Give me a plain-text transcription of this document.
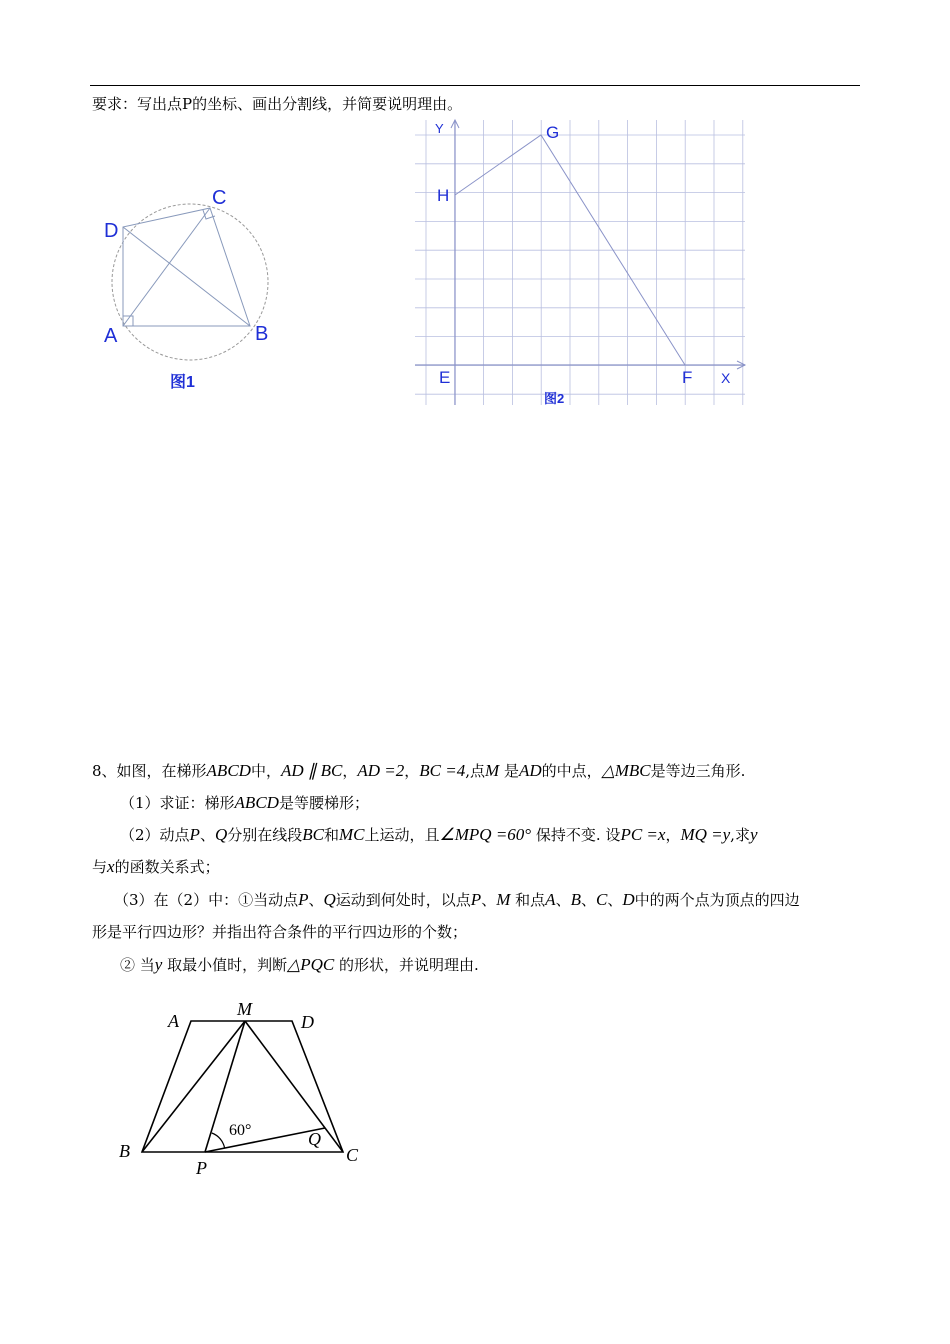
要求：写出点P的坐标、画出分割线，并简要说明理由。
D
C
A	B
图1
Y
X
G
H
E	F
图2
8、如图，在梯形ABCD中，AD ∥ BC，AD =2，BC =4,点M 是AD的中点，△MBC是等边三角形.
（1）求证：梯形ABCD是等腰梯形；
（2）动点P、Q分别在线段BC和MC上运动，且∠MPQ =60° 保持不变. 设PC =x，MQ =y,求y
与x的函数关系式；
（3）在（2）中：①当动点P、Q运动到何处时，以点P、M 和点A、B、C、D中的两个点为顶点的四边
形是平行四边形？并指出符合条件的平行四边形的个数；
② 当y 取最小值时，判断△PQC 的形状，并说明理由.
A
M
D
B
P
Q
C
60°
